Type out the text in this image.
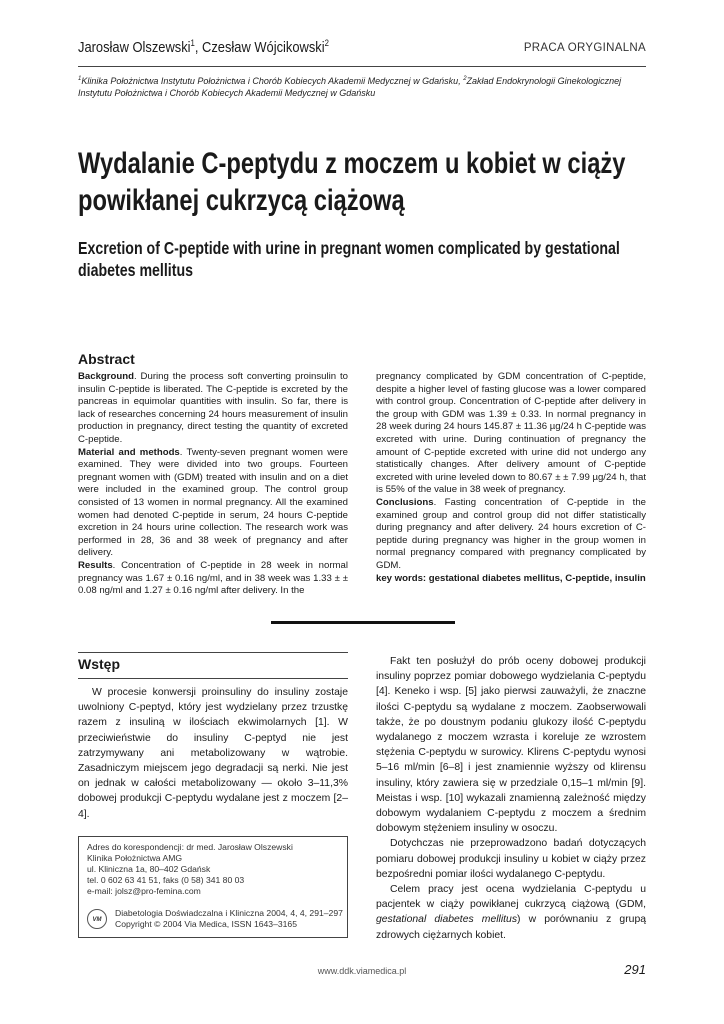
Jarosław Olszewski$^1$, Czesław Wójcikowski$^2$	PRACA ORYGINALNA
$^1$Klinika Położnictwa Instytutu Położnictwa i Chorób Kobiecych Akademii Medycznej w Gdańsku, $^2$Zakład Endokrynologii Ginekologicznej Instytutu Położnictwa i Chorób Kobiecych Akademii Medycznej w Gdańsku
Wydalanie C-peptydu z moczem u kobiet w ciąży
powikłanej cukrzycą ciążową
Excretion of C-peptide with urine in pregnant women complicated by gestational
diabetes mellitus
Abstract

Background. During the process soft converting proinsulin to insulin C-peptide is liberated. The C-peptide is excreted by the pancreas in equimolar quantities with insulin. So far, there is lack of researches concerning 24 hours measurement of insulin production in pregnancy, direct testing the quantity of excreted C-peptide.

Material and methods. Twenty-seven pregnant women were examined. They were divided into two groups. Fourteen pregnant women with (GDM) treated with insulin and on a diet were included in the examined group. The control group consisted of 13 women in normal pregnancy. All the examined women had denoted C-peptide in serum, 24 hours C-peptide excretion in 24 hours urine collection. The research work was performed in 28, 36 and 38 week of pregnancy and after delivery.

Results. Concentration of C-peptide in 28 week in normal pregnancy was 1.67 ± 0.16 ng/ml, and in 38 week was 1.33 ± ± 0.08 ng/ml and 1.27 ± 0.16 ng/ml after delivery. In the

pregnancy complicated by GDM concentration of C-peptide, despite a higher level of fasting glucose was a lower compared with control group. Concentration of C-peptide after delivery in the group with GDM was 1.39 ± 0.33. In normal pregnancy in 28 week during 24 hours 145.87 ± 11.36 µg/24 h C-peptide was excreted with urine. During continuation of pregnancy the amount of C-peptide excreted with urine did not undergo any statistically changes. After delivery amount of C-peptide excreted with urine leveled down to 80.67 ± ± 7.99 µg/24 h, that is 55% of the value in 38 week of pregnancy.

Conclusions. Fasting concentration of C-peptide in the examined group and control group did not differ statistically during pregnancy and after delivery. 24 hours excretion of C-peptide during pregnancy was higher in the group women in normal pregnancy compared with pregnancy complicated by GDM.

key words: gestational diabetes mellitus, C-peptide, insulin

Wstęp

W procesie konwersji proinsuliny do insuliny zostaje uwolniony C-peptyd, który jest wydzielany przez trzustkę razem z insuliną w ilościach ekwimolarnych [1]. W przeciwieństwie do insuliny C-peptyd nie jest zatrzymywany ani metabolizowany w wątrobie. Zasadniczym miejscem jego degradacji są nerki. Nie jest on jednak w całości metabolizowany — około 3–11,3% dobowej produkcji C-peptydu wydalane jest z moczem [2–4].

Fakt ten posłużył do prób oceny dobowej produkcji insuliny poprzez pomiar dobowego wydzielania C-peptydu [4]. Keneko i wsp. [5] jako pierwsi zauważyli, że znaczne ilości C-peptydu są wydalane z moczem. Zaobserwowali także, że po doustnym podaniu glukozy ilość C-peptydu wydalanego z moczem wzrasta i koreluje ze wzrostem stężenia C-peptydu w surowicy. Klirens C-peptydu wynosi 5–16 ml/min [6–8] i jest znamiennie wyższy od klirensu insuliny, który zawiera się w przedziale 0,15–1 ml/min [9]. Meistas i wsp. [10] wykazali znamienną zależność między dobowym wydalaniem C-peptydu z moczem a średnim dobowym stężeniem insuliny w osoczu.

Dotychczas nie przeprowadzono badań dotyczących pomiaru dobowej produkcji insuliny u kobiet w ciąży przez bezpośredni pomiar ilości wydalanego C-peptydu.

Celem pracy jest ocena wydzielania C-peptydu u pacjentek w ciąży powikłanej cukrzycą ciążową (GDM, gestational diabetes mellitus) w porównaniu z grupą zdrowych ciężarnych kobiet.

Adres do korespondencji: dr med. Jarosław Olszewski
Klinika Położnictwa AMG
ul. Kliniczna 1a, 80–402 Gdańsk
tel. 0 602 63 41 51, faks (0 58) 341 80 03
e-mail: jolsz@pro-femina.com
VM
Diabetologia Doświadczalna i Kliniczna 2004, 4, 4, 291–297
Copyright © 2004 Via Medica, ISSN 1643–3165
www.ddk.viamedica.pl	291
